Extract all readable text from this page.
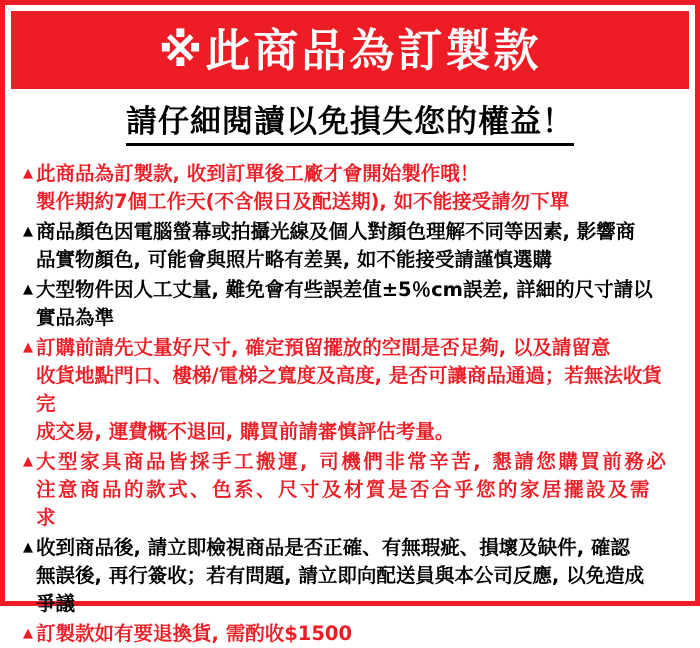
※此商品為訂製款
請仔細閱讀以免損失您的權益！
▲ 此商品為訂製款, 收到訂單後工廠才會開始製作哦！
製作期約7個工作天(不含假日及配送期), 如不能接受請勿下單
▲ 商品顏色因電腦螢幕或拍攝光線及個人對顏色理解不同等因素, 影響商
品實物顏色, 可能會與照片略有差異, 如不能接受請謹慎選購
▲ 大型物件因人工丈量, 難免會有些誤差值±5％cm誤差, 詳細的尺寸請以
實品為準
▲ 訂購前請先丈量好尺寸, 確定預留擺放的空間是否足夠, 以及請留意
收貨地點門口、樓梯/電梯之寬度及高度, 是否可讓商品通過；若無法收貨完
成交易, 運費概不退回, 購買前請審慎評估考量。
▲ 大型家具商品皆採手工搬運, 司機們非常辛苦, 懇請您購買前務必
注意商品的款式、色系、尺寸及材質是否合乎您的家居擺設及需
求
▲ 收到商品後, 請立即檢視商品是否正確、有無瑕疵、損壞及缺件, 確認
無誤後, 再行簽收；若有問題, 請立即向配送員與本公司反應, 以免造成
爭議
▲ 訂製款如有要退換貨, 需酌收$1500
